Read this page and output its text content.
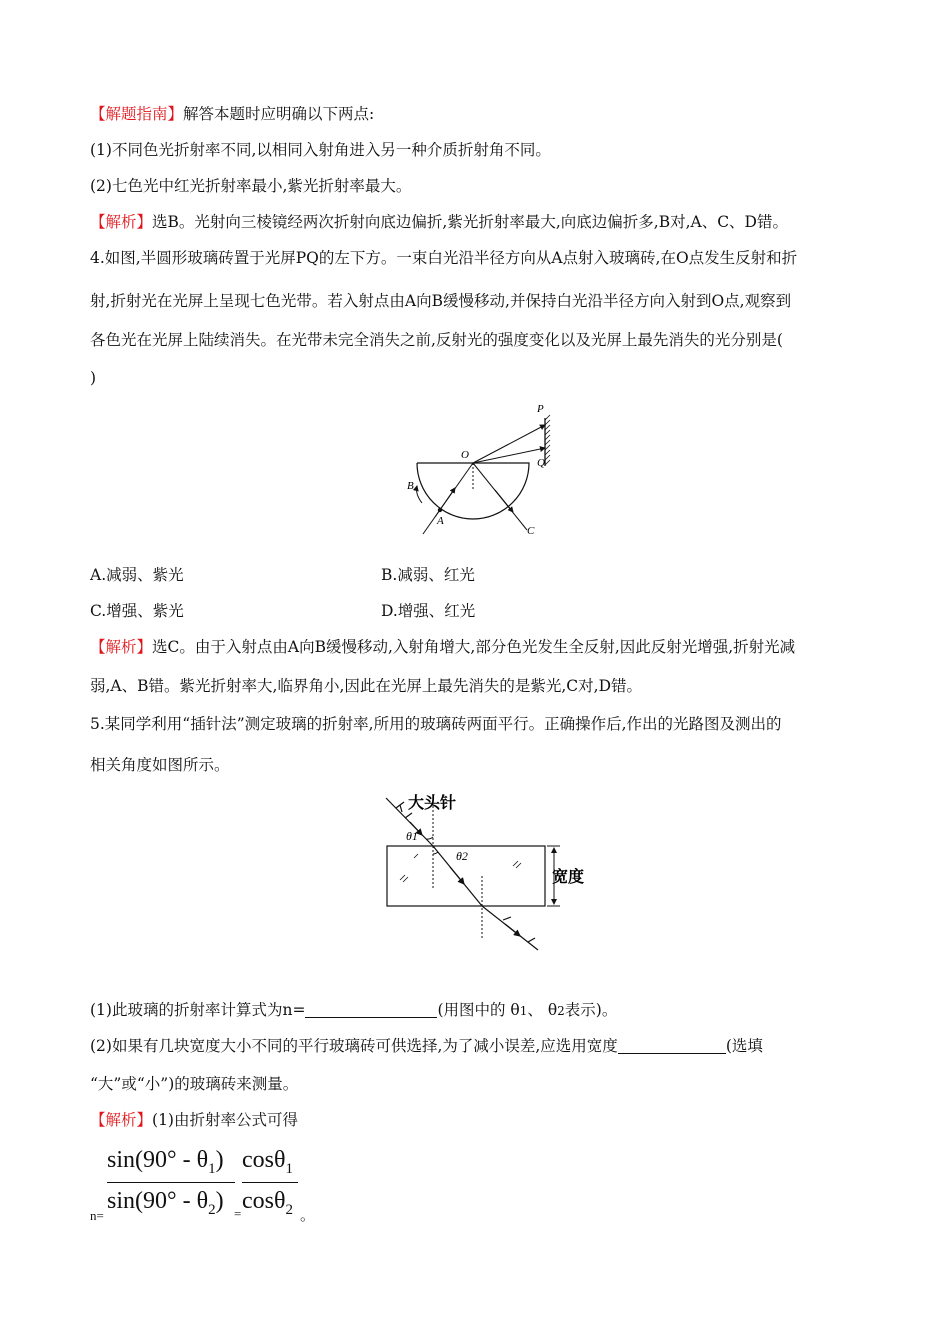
【解题指南】解答本题时应明确以下两点:
(1)不同色光折射率不同,以相同入射角进入另一种介质折射角不同。
(2)七色光中红光折射率最小,紫光折射率最大。
【解析】选B。光射向三棱镜经两次折射向底边偏折,紫光折射率最大,向底边偏折多,B对,A、C、D错。
4.如图,半圆形玻璃砖置于光屏PQ的左下方。一束白光沿半径方向从A点射入玻璃砖,在O点发生反射和折
射,折射光在光屏上呈现七色光带。若入射点由A向B缓慢移动,并保持白光沿半径方向入射到O点,观察到
各色光在光屏上陆续消失。在光带未完全消失之前,反射光的强度变化以及光屏上最先消失的光分别是(
)
P
Q
O
B
A
C
A.减弱、紫光	B.减弱、红光
C.增强、紫光	D.增强、红光
【解析】选C。由于入射点由A向B缓慢移动,入射角增大,部分色光发生全反射,因此反射光增强,折射光减
弱,A、B错。紫光折射率大,临界角小,因此在光屏上最先消失的是紫光,C对,D错。
5.某同学利用“插针法”测定玻璃的折射率,所用的玻璃砖两面平行。正确操作后,作出的光路图及测出的
相关角度如图所示。
大头针
θ1
θ2
宽度
(1)此玻璃的折射率计算式为n=	(用图中的 θ1、 θ2表示)。
(2)如果有几块宽度大小不同的平行玻璃砖可供选择,为了减小误差,应选用宽度	(选填
“大”或“小”)的玻璃砖来测量。
【解析】(1)由折射率公式可得
$\sin(90^\circ - \theta_1)$
$\sin(90^\circ - \theta_2)$
cosθ$_1$
cosθ$_2$
n=	=	。
